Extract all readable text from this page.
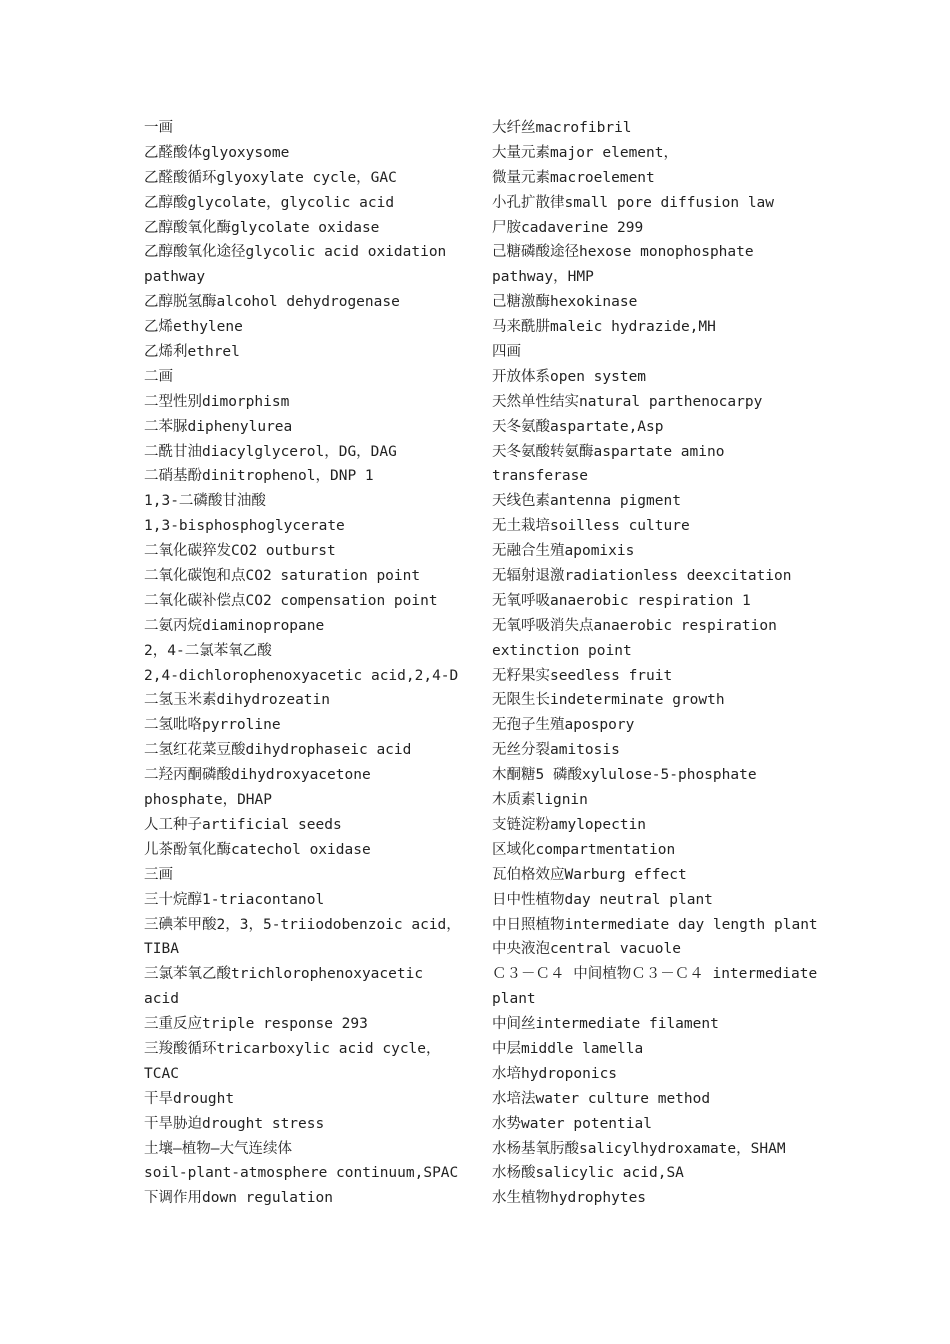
一画
乙醛酸体glyoxysome
乙醛酸循环glyoxylate cycle，GAC
乙醇酸glycolate，glycolic acid
乙醇酸氧化酶glycolate oxidase
乙醇酸氧化途径glycolic acid oxidation
pathway
乙醇脱氢酶alcohol dehydrogenase
乙烯ethylene
乙烯利ethrel
二画
二型性别dimorphism
二苯脲diphenylurea
二酰甘油diacylglycerol，DG，DAG
二硝基酚dinitrophenol，DNP 1
1,3-二磷酸甘油酸
1,3-bisphosphoglycerate
二氧化碳猝发CO2 outburst
二氧化碳饱和点CO2 saturation point
二氧化碳补偿点CO2 compensation point
二氨丙烷diaminopropane
2，4-二氯苯氧乙酸
2,4-dichlorophenoxyacetic acid,2,4-D
二氢玉米素dihydrozeatin
二氢吡咯pyrroline
二氢红花菜豆酸dihydrophaseic acid
二羟丙酮磷酸dihydroxyacetone
phosphate，DHAP
人工种子artificial seeds
儿茶酚氧化酶catechol oxidase
三画
三十烷醇1-triacontanol
三碘苯甲酸2，3，5-triiodobenzoic acid，
TIBA
三氯苯氧乙酸trichlorophenoxyacetic
acid
三重反应triple response 293
三羧酸循环tricarboxylic acid cycle，
TCAC
干旱drought
干旱胁迫drought stress
土壤—植物—大气连续体
soil-plant-atmosphere continuum,SPAC
下调作用down regulation
大纤丝macrofibril
大量元素major element，
微量元素macroelement
小孔扩散律small pore diffusion law
尸胺cadaverine 299
己糖磷酸途径hexose monophosphate
pathway，HMP
己糖激酶hexokinase
马来酰肼maleic hydrazide,MH
四画
开放体系open system
天然单性结实natural parthenocarpy
天冬氨酸aspartate,Asp
天冬氨酸转氨酶aspartate amino
transferase
天线色素antenna pigment
无土栽培soilless culture
无融合生殖apomixis
无辐射退激radiationless deexcitation
无氧呼吸anaerobic respiration 1
无氧呼吸消失点anaerobic respiration
extinction point
无籽果实seedless fruit
无限生长indeterminate growth
无孢子生殖apospory
无丝分裂amitosis
木酮糖5 磷酸xylulose-5-phosphate
木质素lignin
支链淀粉amylopectin
区域化compartmentation
瓦伯格效应Warburg effect
日中性植物day neutral plant
中日照植物intermediate day length plant
中央液泡central vacuole
Ｃ３－Ｃ４ 中间植物Ｃ３－Ｃ４ intermediate
plant
中间丝intermediate filament
中层middle lamella
水培hydroponics
水培法water culture method
水势water potential
水杨基氧肟酸salicylhydroxamate，SHAM
水杨酸salicylic acid,SA
水生植物hydrophytes
